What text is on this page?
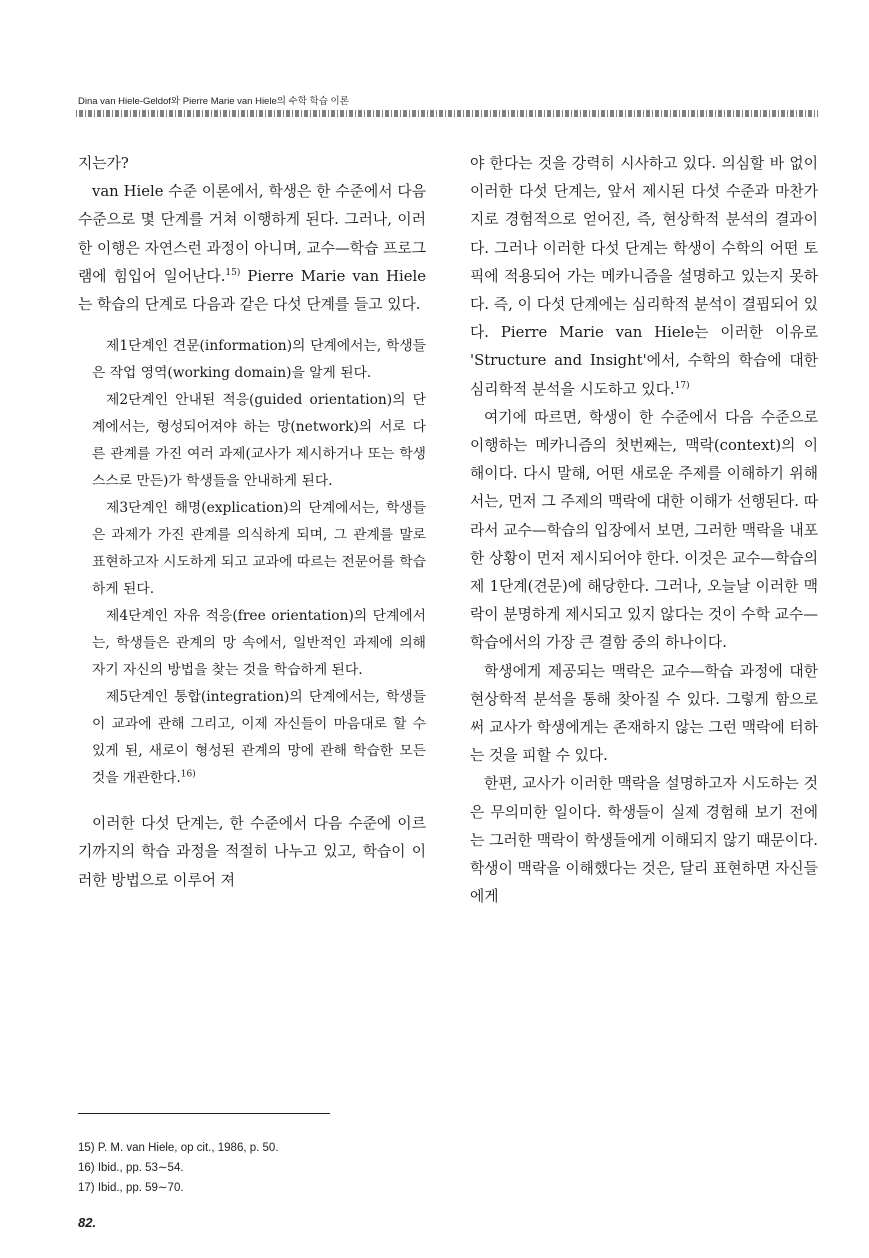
Dina van Hiele-Geldof와 Pierre Marie van Hiele의 수학 학습 이론

지는가?

van Hiele 수준 이론에서, 학생은 한 수준에서 다음 수준으로 몇 단계를 거쳐 이행하게 된다. 그러나, 이러한 이행은 자연스런 과정이 아니며, 교수—학습 프로그램에 힘입어 일어난다.$^{15)}$ Pierre Marie van Hiele는 학습의 단계로 다음과 같은 다섯 단계를 들고 있다.

제1단계인 견문(information)의 단계에서는, 학생들은 작업 영역(working domain)을 알게 된다.

제2단계인 안내된 적응(guided orientation)의 단계에서는, 형성되어져야 하는 망(network)의 서로 다른 관계를 가진 여러 과제(교사가 제시하거나 또는 학생 스스로 만든)가 학생들을 안내하게 된다.

제3단계인 해명(explication)의 단계에서는, 학생들은 과제가 가진 관계를 의식하게 되며, 그 관계를 말로 표현하고자 시도하게 되고 교과에 따르는 전문어를 학습하게 된다.

제4단계인 자유 적응(free orientation)의 단계에서는, 학생들은 관계의 망 속에서, 일반적인 과제에 의해 자기 자신의 방법을 찾는 것을 학습하게 된다.

제5단계인 통합(integration)의 단계에서는, 학생들이 교과에 관해 그리고, 이제 자신들이 마음대로 할 수 있게 된, 새로이 형성된 관계의 망에 관해 학습한 모든 것을 개관한다.$^{16)}$

이러한 다섯 단계는, 한 수준에서 다음 수준에 이르기까지의 학습 과정을 적절히 나누고 있고, 학습이 이러한 방법으로 이루어 져

야 한다는 것을 강력히 시사하고 있다. 의심할 바 없이 이러한 다섯 단계는, 앞서 제시된 다섯 수준과 마찬가지로 경험적으로 얻어진, 즉, 현상학적 분석의 결과이다. 그러나 이러한 다섯 단계는 학생이 수학의 어떤 토픽에 적용되어 가는 메카니즘을 설명하고 있는지 못하다. 즉, 이 다섯 단계에는 심리학적 분석이 결핍되어 있다. Pierre Marie van Hiele는 이러한 이유로 'Structure and Insight'에서, 수학의 학습에 대한 심리학적 분석을 시도하고 있다.$^{17)}$

여기에 따르면, 학생이 한 수준에서 다음 수준으로 이행하는 메카니즘의 첫번째는, 맥락(context)의 이해이다. 다시 말해, 어떤 새로운 주제를 이해하기 위해서는, 먼저 그 주제의 맥락에 대한 이해가 선행된다. 따라서 교수—학습의 입장에서 보면, 그러한 맥락을 내포한 상황이 먼저 제시되어야 한다. 이것은 교수—학습의 제 1단계(견문)에 해당한다. 그러나, 오늘날 이러한 맥락이 분명하게 제시되고 있지 않다는 것이 수학 교수—학습에서의 가장 큰 결함 중의 하나이다.

학생에게 제공되는 맥락은 교수—학습 과정에 대한 현상학적 분석을 통해 찾아질 수 있다. 그렇게 함으로써 교사가 학생에게는 존재하지 않는 그런 맥락에 터하는 것을 피할 수 있다.

한편, 교사가 이러한 맥락을 설명하고자 시도하는 것은 무의미한 일이다. 학생들이 실제 경험해 보기 전에는 그러한 맥락이 학생들에게 이해되지 않기 때문이다. 학생이 맥락을 이해했다는 것은, 달리 표현하면 자신들에게

15) P. M. van Hiele, op cit., 1986, p. 50.
16) Ibid., pp. 53∼54.
17) Ibid., pp. 59∼70.
82.
